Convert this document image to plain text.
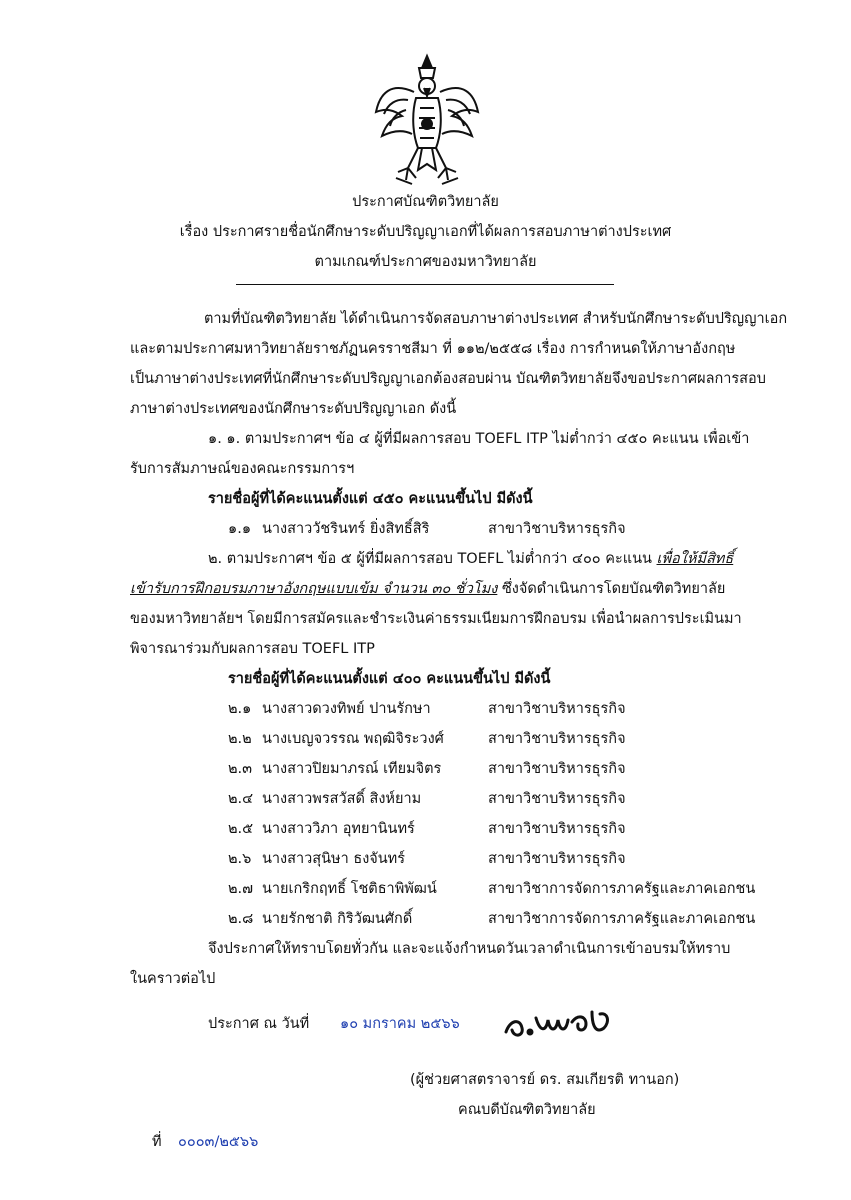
ประกาศบัณฑิตวิทยาลัย
เรื่อง ประกาศรายชื่อนักศึกษาระดับปริญญาเอกที่ได้ผลการสอบภาษาต่างประเทศ
ตามเกณฑ์ประกาศของมหาวิทยาลัย
ตามที่บัณฑิตวิทยาลัย ได้ดำเนินการจัดสอบภาษาต่างประเทศ สำหรับนักศึกษาระดับปริญญาเอก
และตามประกาศมหาวิทยาลัยราชภัฏนครราชสีมา ที่ ๑๑๒/๒๕๕๘ เรื่อง การกำหนดให้ภาษาอังกฤษ
เป็นภาษาต่างประเทศที่นักศึกษาระดับปริญญาเอกต้องสอบผ่าน บัณฑิตวิทยาลัยจึงขอประกาศผลการสอบ
ภาษาต่างประเทศของนักศึกษาระดับปริญญาเอก ดังนี้
๑. ๑. ตามประกาศฯ ข้อ ๔ ผู้ที่มีผลการสอบ TOEFL ITP ไม่ต่ำกว่า ๔๕๐ คะแนน เพื่อเข้า
รับการสัมภาษณ์ของคณะกรรมการฯ
รายชื่อผู้ที่ได้คะแนนตั้งแต่ ๔๕๐ คะแนนขึ้นไป มีดังนี้
๑.๑ นางสาววัชรินทร์ ยิ่งสิทธิ์สิริ	สาขาวิชาบริหารธุรกิจ
๒. ตามประกาศฯ ข้อ ๕ ผู้ที่มีผลการสอบ TOEFL ไม่ต่ำกว่า ๔๐๐ คะแนน เพื่อให้มีสิทธิ์
เข้ารับการฝึกอบรมภาษาอังกฤษแบบเข้ม จำนวน ๓๐ ชั่วโมง ซึ่งจัดดำเนินการโดยบัณฑิตวิทยาลัย
ของมหาวิทยาลัยฯ โดยมีการสมัครและชำระเงินค่าธรรมเนียมการฝึกอบรม เพื่อนำผลการประเมินมา
พิจารณาร่วมกับผลการสอบ TOEFL ITP
รายชื่อผู้ที่ได้คะแนนตั้งแต่ ๔๐๐ คะแนนขึ้นไป มีดังนี้
๒.๑ นางสาวดวงทิพย์ ปานรักษา	สาขาวิชาบริหารธุรกิจ
๒.๒ นางเบญจวรรณ พฤฒิจิระวงศ์	สาขาวิชาบริหารธุรกิจ
๒.๓ นางสาวปิยมาภรณ์ เทียมจิตร	สาขาวิชาบริหารธุรกิจ
๒.๔ นางสาวพรสวัสดิ์ สิงห์ยาม	สาขาวิชาบริหารธุรกิจ
๒.๕ นางสาววิภา อุทยานินทร์	สาขาวิชาบริหารธุรกิจ
๒.๖ นางสาวสุนิษา ธงจันทร์	สาขาวิชาบริหารธุรกิจ
๒.๗ นายเกริกฤทธิ์ โชติธาพิพัฒน์	สาขาวิชาการจัดการภาครัฐและภาคเอกชน
๒.๘ นายรักชาติ กิริวัฒนศักดิ์	สาขาวิชาการจัดการภาครัฐและภาคเอกชน
จึงประกาศให้ทราบโดยทั่วกัน และจะแจ้งกำหนดวันเวลาดำเนินการเข้าอบรมให้ทราบ
ในคราวต่อไป
ประกาศ ณ วันที่ ๑๐ มกราคม ๒๕๖๖
(ผู้ช่วยศาสตราจารย์ ดร. สมเกียรติ ทานอก)
คณบดีบัณฑิตวิทยาลัย
ที่ ๐๐๐๓/๒๕๖๖
